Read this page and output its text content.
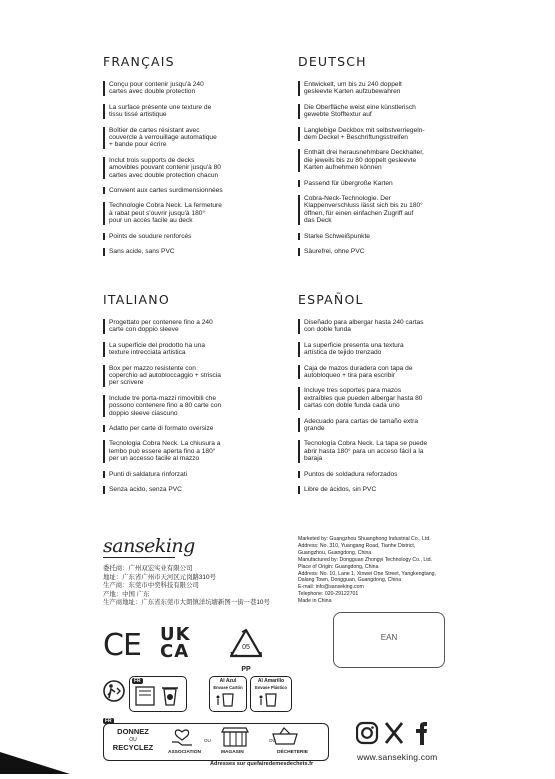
FRANÇAIS
Conçu pour contenir jusqu'à 240
cartes avec double protection
La surface présente une texture de
tissu tissé artistique
Boîtier de cartes résistant avec
couvercle à verrouillage automatique
+ bande pour écrire
Inclut trois supports de decks
amovibles pouvant contenir jusqu'à 80
cartes avec double protection chacun
Convient aux cartes surdimensionnées
Technologie Cobra Neck. La fermeture
à rabat peut s'ouvrir jusqu'à 180°
pour un accès facile au deck
Points de soudure renforcés
Sans acide, sans PVC
DEUTSCH
Entwickelt, um bis zu 240 doppelt
gesleevte Karten aufzubewahren
Die Oberfläche weist eine künstlerisch
gewebte Stofftextur auf
Langlebige Deckbox mit selbstverriegeln-
dem Deckel + Beschriftungsstreifen
Enthält drei herausnehmbare Deckhalter,
die jeweils bis zu 80 doppelt gesleevte
Karten aufnehmen können
Passend für übergroße Karten
Cobra-Neck-Technologie. Der
Klappenverschluss lässt sich bis zu 180°
öffnen, für einen einfachen Zugriff auf
das Deck
Starke Schweißpunkte
Säurefrei, ohne PVC
ITALIANO
Progettato per contenere fino a 240
carte con doppio sleeve
La superficie del prodotto ha una
texture intrecciata artistica
Box per mazzo resistente con
coperchio ad autobloccaggio + striscia
per scrivere
Include tre porta-mazzi rimovibili che
possono contenere fino a 80 carte con
doppio sleeve ciascuno
Adatto per carte di formato oversize
Tecnologia Cobra Neck. La chiusura a
lembo può essere aperta fino a 180°
per un accesso facile al mazzo
Punti di saldatura rinforzati
Senza acido, senza PVC
ESPAÑOL
Diseñado para albergar hasta 240 cartas
con doble funda
La superficie presenta una textura
artística de tejido trenzado
Caja de mazos duradera con tapa de
autobloqueo + tira para escribir
Incluye tres soportes para mazos
extraíbles que pueden albergar hasta 80
cartas con doble funda cada uno
Adecuado para cartas de tamaño extra
grande
Tecnología Cobra Neck. La tapa se puede
abrir hasta 180° para un acceso fácil a la
baraja
Puntos de soldadura reforzados
Libre de ácidos, sin PVC
sanseking
委托商：广州双宏实业有限公司
地址：广东省广州市天河区元岗路310号
生产商：东莞市中奕科技有限公司
产地：中国 广东
生产商地址：广东省东莞市大朗镇洋坑塘新图一街一巷10号
Marketed by: Guangzhou Shuanghong Industrial Co., Ltd.
Address: No. 310, Yuangang Road, Tianhe District,
Guangzhou, Guangdong, China
Manufactured by: Dongguan Zhongyi Technology Co., Ltd.
Place of Origin: Guangdong, China
Address: No. 10, Lane 1, Xinwei One Street, Yangkengtang,
Dalang Town, Dongguan, Guangdong, China
E-mail: info@sanseking.com
Telephone: 020-29122701
Made in China
CE UK
CA	05
PP
EAN
FR	Al Azul
Envase Cartón
Al Amarillo
Envase Plástico
FR
DONNEZ
OU
RECYCLEZ
OU	OU
ASSOCIATION	MAGASIN	DÉCHETERIE
Adresses sur quefairedemesdechets.fr
www.sanseking.com
